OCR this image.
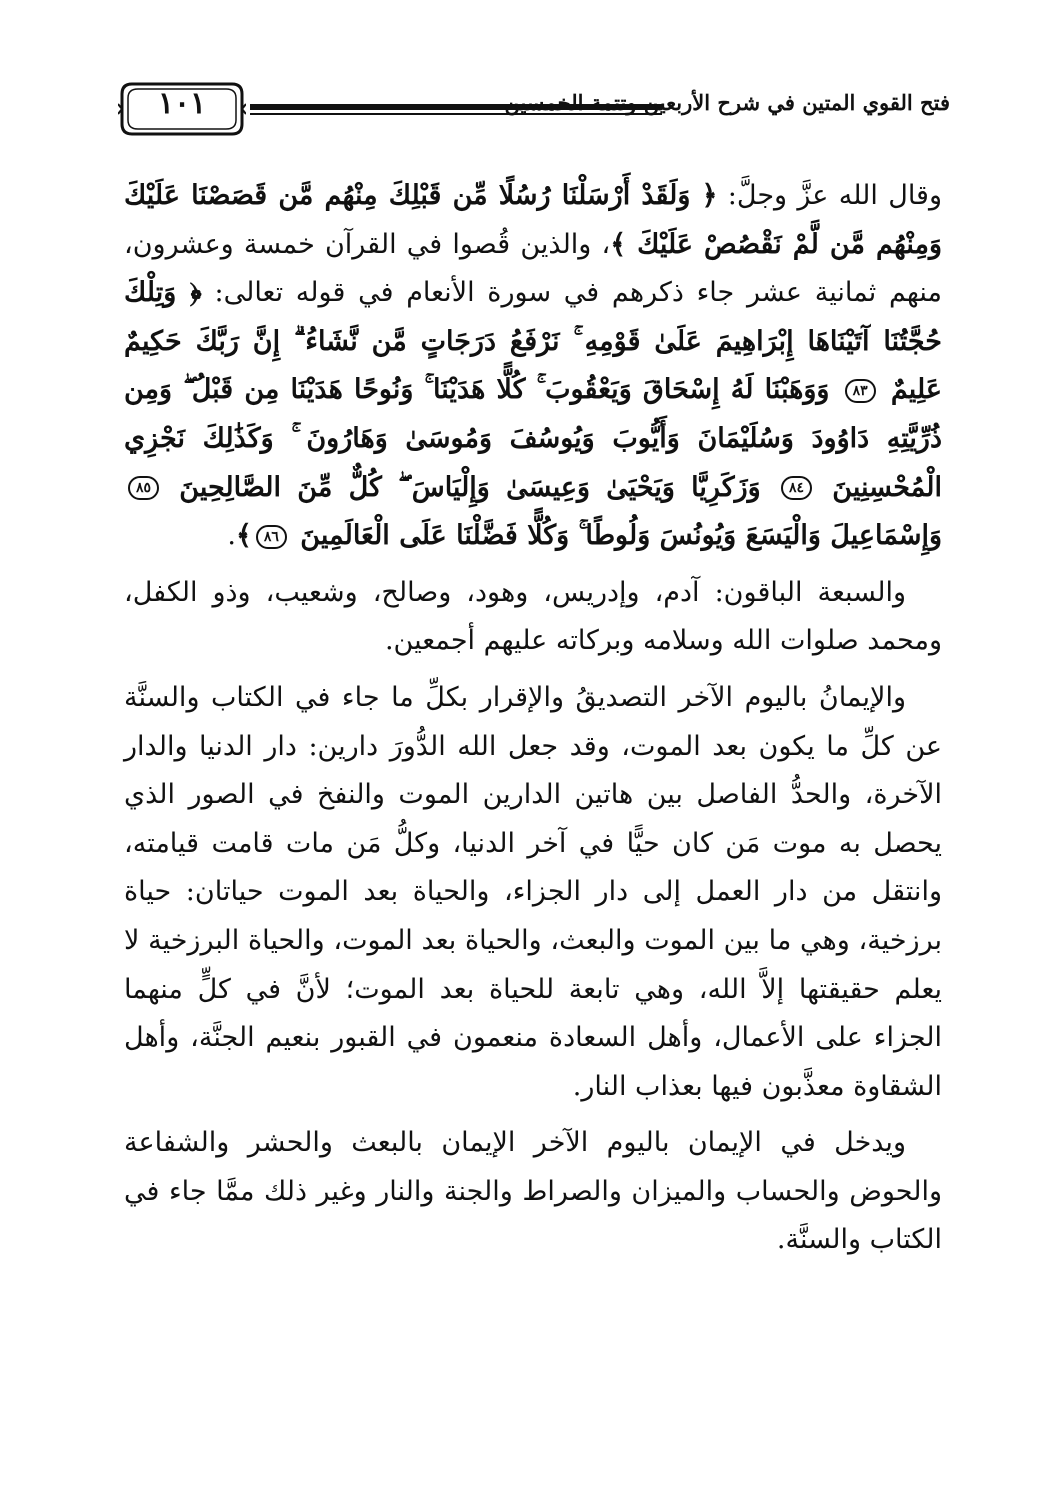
١٠١	فتح القوي المتين في شرح الأربعين وتتمة الخمسين

وقال الله عزَّ وجلَّ: ﴿ وَلَقَدْ أَرْسَلْنَا رُسُلًا مِّن قَبْلِكَ مِنْهُم مَّن قَصَصْنَا عَلَيْكَ وَمِنْهُم مَّن لَّمْ نَقْصُصْ عَلَيْكَ ﴾، والذين قُصوا في القرآن خمسة وعشرون، منهم ثمانية عشر جاء ذكرهم في سورة الأنعام في قوله تعالى: ﴿ وَتِلْكَ حُجَّتُنَا آتَيْنَاهَا إِبْرَاهِيمَ عَلَىٰ قَوْمِهِ ۚ نَرْفَعُ دَرَجَاتٍ مَّن نَّشَاءُ ۗ إِنَّ رَبَّكَ حَكِيمٌ عَلِيمٌ ٨٣ وَوَهَبْنَا لَهُ إِسْحَاقَ وَيَعْقُوبَ ۚ كُلًّا هَدَيْنَا ۚ وَنُوحًا هَدَيْنَا مِن قَبْلُ ۖ وَمِن ذُرِّيَّتِهِ دَاوُودَ وَسُلَيْمَانَ وَأَيُّوبَ وَيُوسُفَ وَمُوسَىٰ وَهَارُونَ ۚ وَكَذَٰلِكَ نَجْزِي الْمُحْسِنِينَ ٨٤ وَزَكَرِيَّا وَيَحْيَىٰ وَعِيسَىٰ وَإِلْيَاسَ ۖ كُلٌّ مِّنَ الصَّالِحِينَ ٨٥ وَإِسْمَاعِيلَ وَالْيَسَعَ وَيُونُسَ وَلُوطًا ۚ وَكُلًّا فَضَّلْنَا عَلَى الْعَالَمِينَ ٨٦﴾.

والسبعة الباقون: آدم، وإدريس، وهود، وصالح، وشعيب، وذو الكفل، ومحمد صلوات الله وسلامه وبركاته عليهم أجمعين.

والإيمانُ باليوم الآخر التصديقُ والإقرار بكلِّ ما جاء في الكتاب والسنَّة عن كلِّ ما يكون بعد الموت، وقد جعل الله الدُّورَ دارين: دار الدنيا والدار الآخرة، والحدُّ الفاصل بين هاتين الدارين الموت والنفخ في الصور الذي يحصل به موت مَن كان حيًّا في آخر الدنيا، وكلُّ مَن مات قامت قيامته، وانتقل من دار العمل إلى دار الجزاء، والحياة بعد الموت حياتان: حياة برزخية، وهي ما بين الموت والبعث، والحياة بعد الموت، والحياة البرزخية لا يعلم حقيقتها إلاَّ الله، وهي تابعة للحياة بعد الموت؛ لأنَّ في كلٍّ منهما الجزاء على الأعمال، وأهل السعادة منعمون في القبور بنعيم الجنَّة، وأهل الشقاوة معذَّبون فيها بعذاب النار.

ويدخل في الإيمان باليوم الآخر الإيمان بالبعث والحشر والشفاعة والحوض والحساب والميزان والصراط والجنة والنار وغير ذلك ممَّا جاء في الكتاب والسنَّة.
